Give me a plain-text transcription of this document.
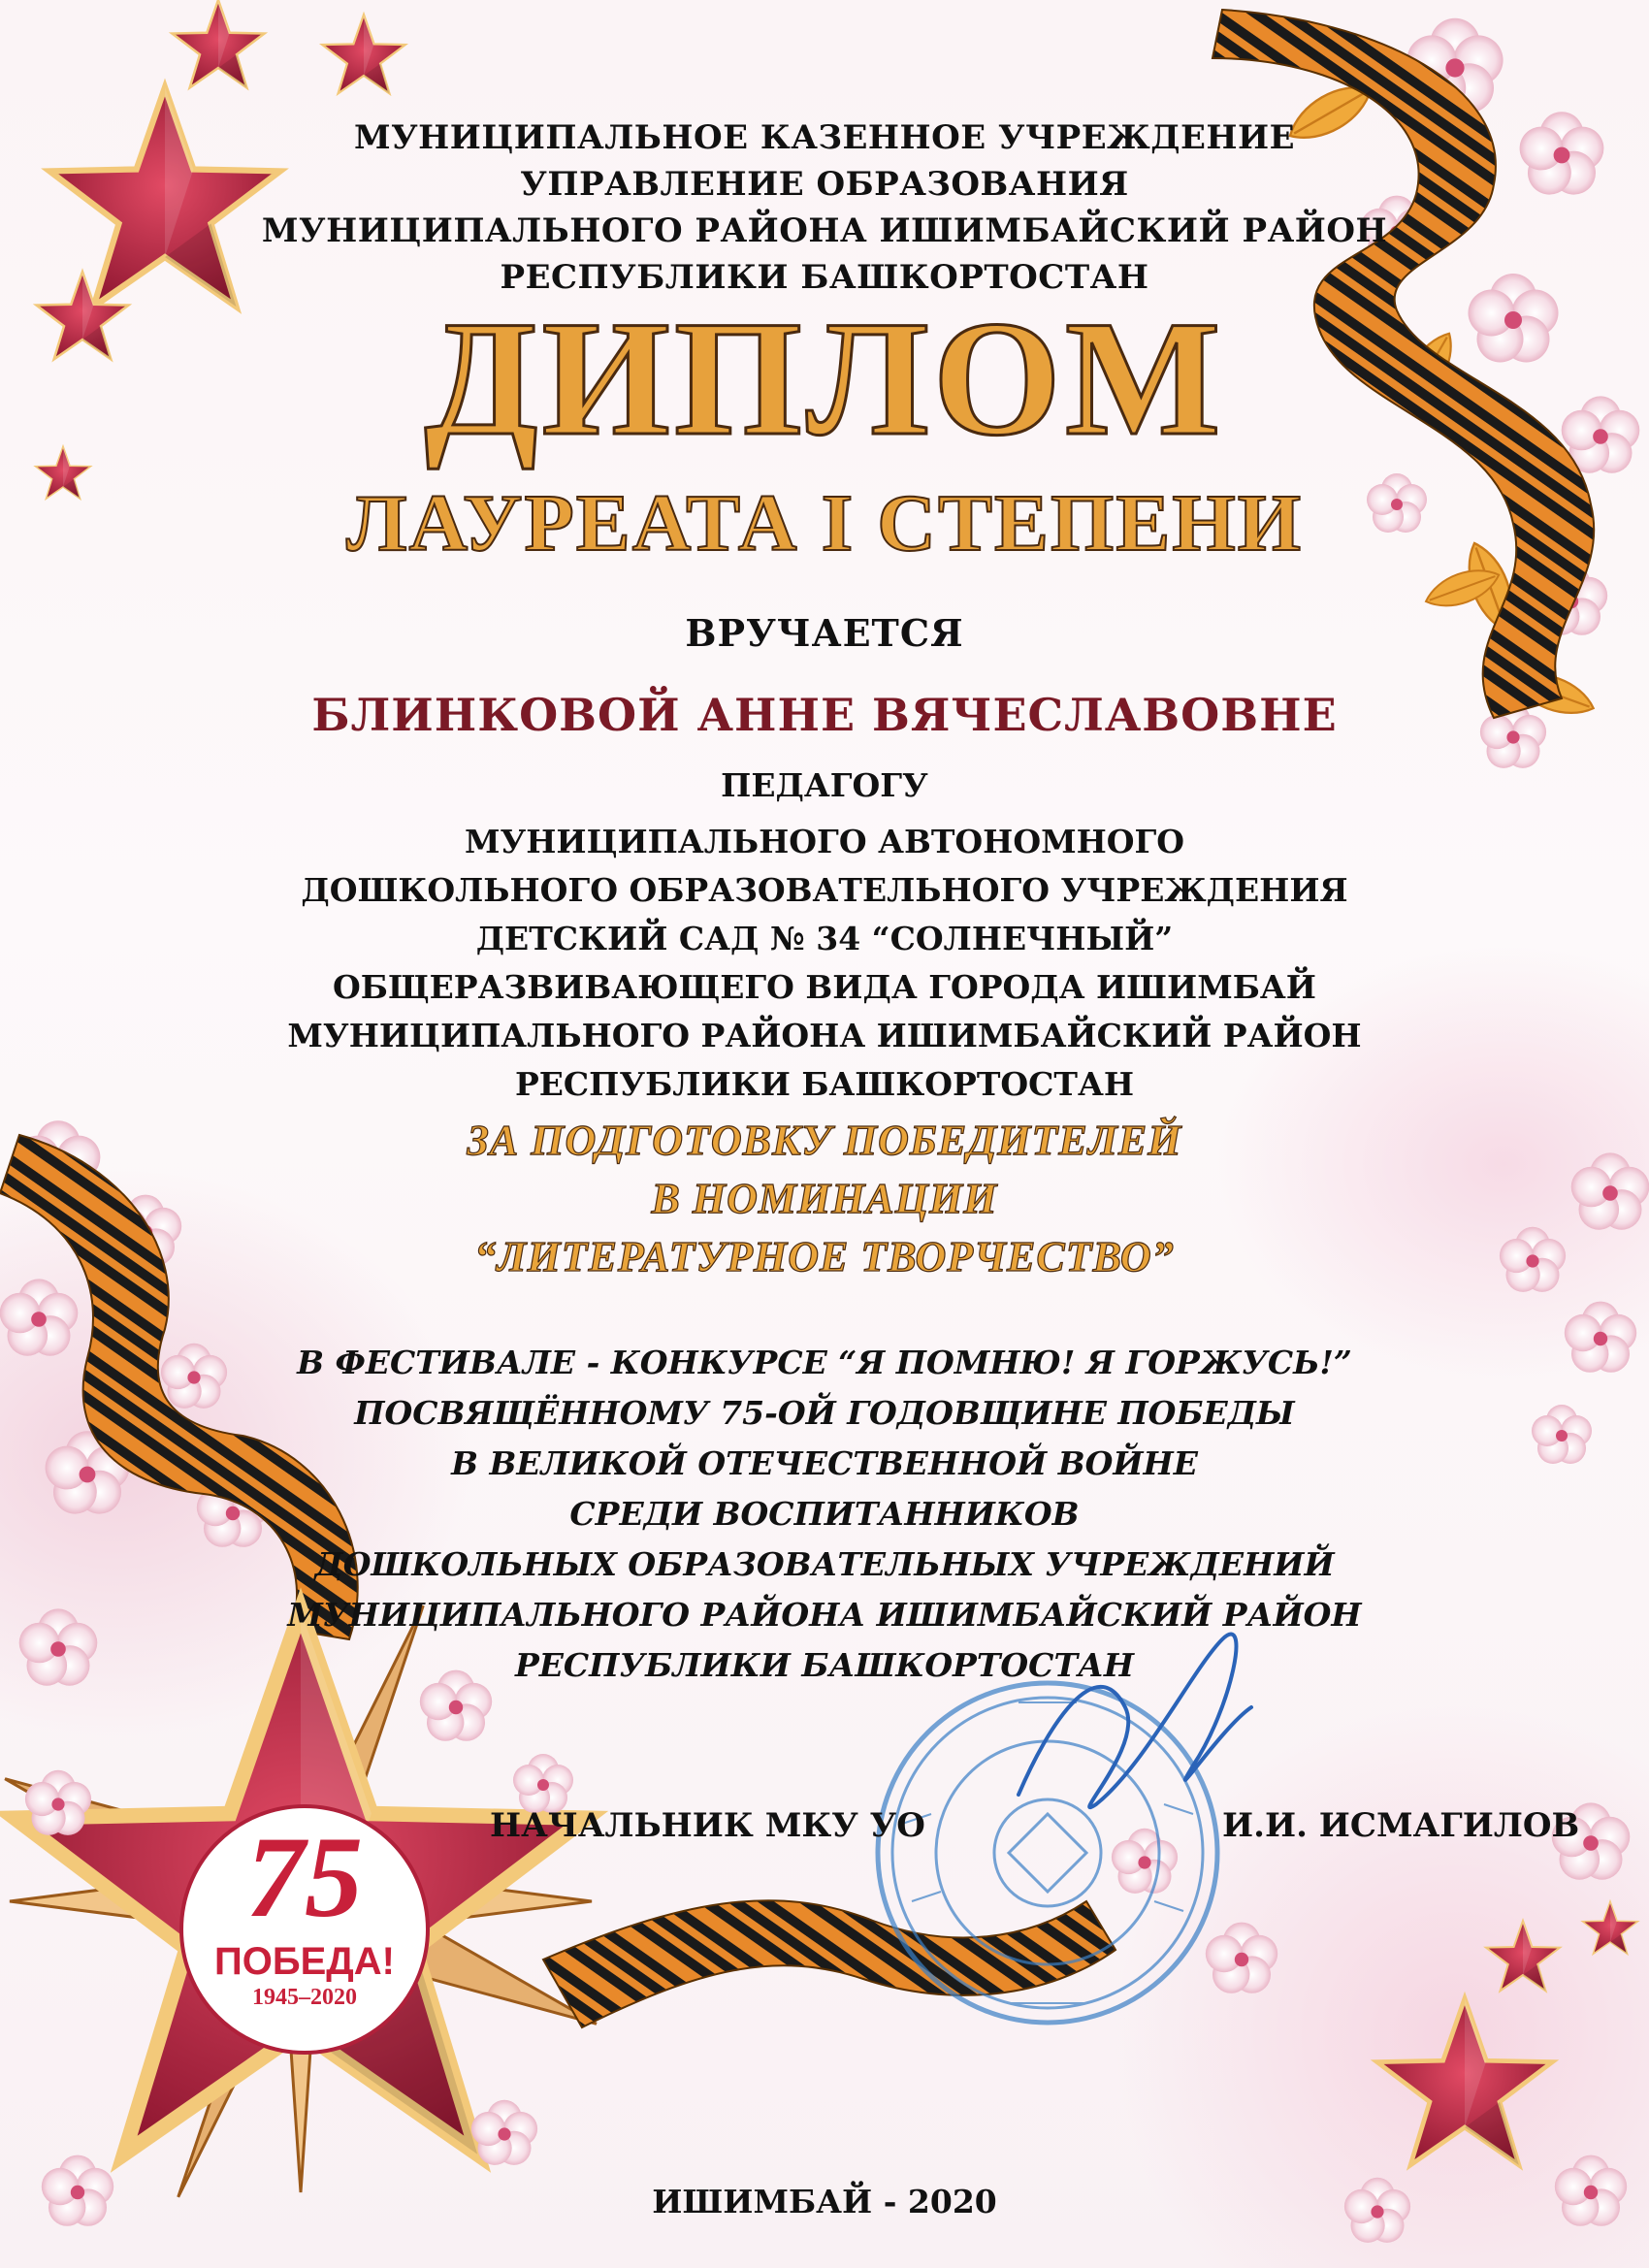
75
ПОБЕДА!
1945–2020
МУНИЦИПАЛЬНОЕ КАЗЕННОЕ УЧРЕЖДЕНИЕ
УПРАВЛЕНИЕ ОБРАЗОВАНИЯ
МУНИЦИПАЛЬНОГО РАЙОНА ИШИМБАЙСКИЙ РАЙОН
РЕСПУБЛИКИ БАШКОРТОСТАН
ДИПЛОМ
ЛАУРЕАТА I СТЕПЕНИ
ВРУЧАЕТСЯ
БЛИНКОВОЙ АННЕ ВЯЧЕСЛАВОВНЕ
ПЕДАГОГУ
МУНИЦИПАЛЬНОГО АВТОНОМНОГО
ДОШКОЛЬНОГО ОБРАЗОВАТЕЛЬНОГО УЧРЕЖДЕНИЯ
ДЕТСКИЙ САД № 34 “СОЛНЕЧНЫЙ”
ОБЩЕРАЗВИВАЮЩЕГО ВИДА ГОРОДА ИШИМБАЙ
МУНИЦИПАЛЬНОГО РАЙОНА ИШИМБАЙСКИЙ РАЙОН
РЕСПУБЛИКИ БАШКОРТОСТАН
ЗА ПОДГОТОВКУ ПОБЕДИТЕЛЕЙ
В НОМИНАЦИИ
“ЛИТЕРАТУРНОЕ ТВОРЧЕСТВО”
В ФЕСТИВАЛЕ - КОНКУРСЕ “Я ПОМНЮ! Я ГОРЖУСЬ!”
ПОСВЯЩЁННОМУ 75-ОЙ ГОДОВЩИНЕ ПОБЕДЫ
В ВЕЛИКОЙ ОТЕЧЕСТВЕННОЙ ВОЙНЕ
СРЕДИ ВОСПИТАННИКОВ
ДОШКОЛЬНЫХ ОБРАЗОВАТЕЛЬНЫХ УЧРЕЖДЕНИЙ
МУНИЦИПАЛЬНОГО РАЙОНА ИШИМБАЙСКИЙ РАЙОН
РЕСПУБЛИКИ БАШКОРТОСТАН
НАЧАЛЬНИК МКУ УО	И.И. ИСМАГИЛОВ
ИШИМБАЙ - 2020
